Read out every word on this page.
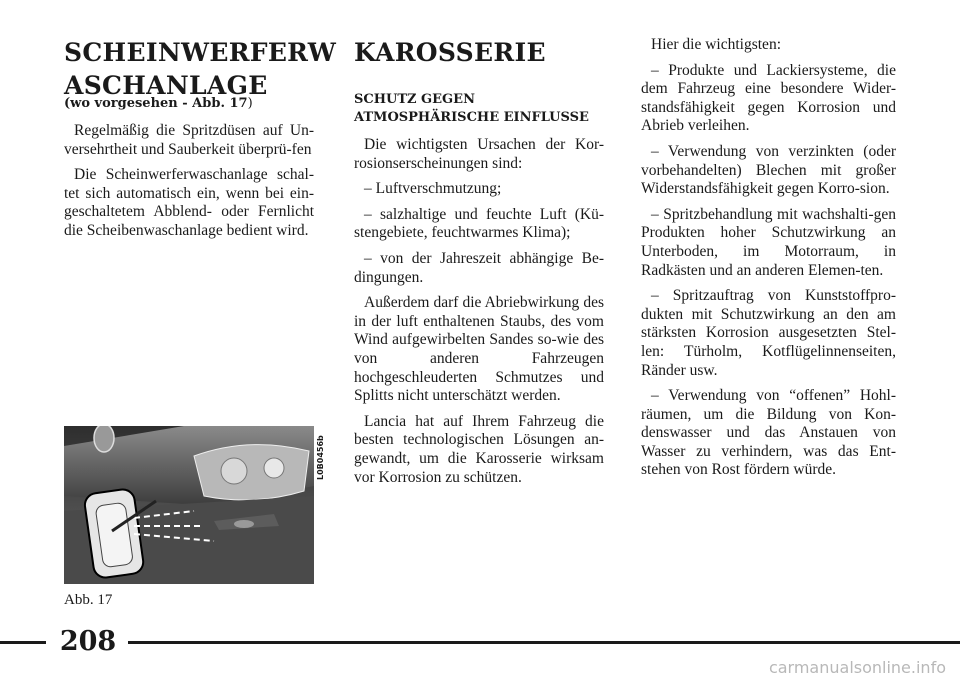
SCHEINWERFERW
ASCHANLAGE
(wo vorgesehen - Abb. 17)

Regelmäßig die Spritzdüsen auf Un-versehrtheit und Sauberkeit überprü-fen

Die Scheinwerferwaschanlage schal-tet sich automatisch ein, wenn bei ein-geschaltetem Abblend- oder Fernlicht die Scheibenwaschanlage bedient wird.

L0B0456b
Abb. 17
KAROSSERIE
SCHUTZ GEGEN
ATMOSPHÄRISCHE EINFLUSSE

Die wichtigsten Ursachen der Kor-rosionserscheinungen sind:

– Luftverschmutzung;

– salzhaltige und feuchte Luft (Kü-stengebiete, feuchtwarmes Klima);

– von der Jahreszeit abhängige Be-dingungen.

Außerdem darf die Abriebwirkung des in der luft enthaltenen Staubs, des vom Wind aufgewirbelten Sandes so-wie des von anderen Fahrzeugen hochgeschleuderten Schmutzes und Splitts nicht unterschätzt werden.

Lancia hat auf Ihrem Fahrzeug die besten technologischen Lösungen an-gewandt, um die Karosserie wirksam vor Korrosion zu schützen.

Hier die wichtigsten:

– Produkte und Lackiersysteme, die dem Fahrzeug eine besondere Wider-standsfähigkeit gegen Korrosion und Abrieb verleihen.

– Verwendung von verzinkten (oder vorbehandelten) Blechen mit großer Widerstandsfähigkeit gegen Korro-sion.

– Spritzbehandlung mit wachshalti-gen Produkten hoher Schutzwirkung an Unterboden, im Motorraum, in Radkästen und an anderen Elemen-ten.

– Spritzauftrag von Kunststoffpro-dukten mit Schutzwirkung an den am stärksten Korrosion ausgesetzten Stel-len: Türholm, Kotflügelinnenseiten, Ränder usw.

– Verwendung von “offenen” Hohl-räumen, um die Bildung von Kon-denswasser und das Anstauen von Wasser zu verhindern, was das Ent-stehen von Rost fördern würde.

208
carmanualsonline.info
